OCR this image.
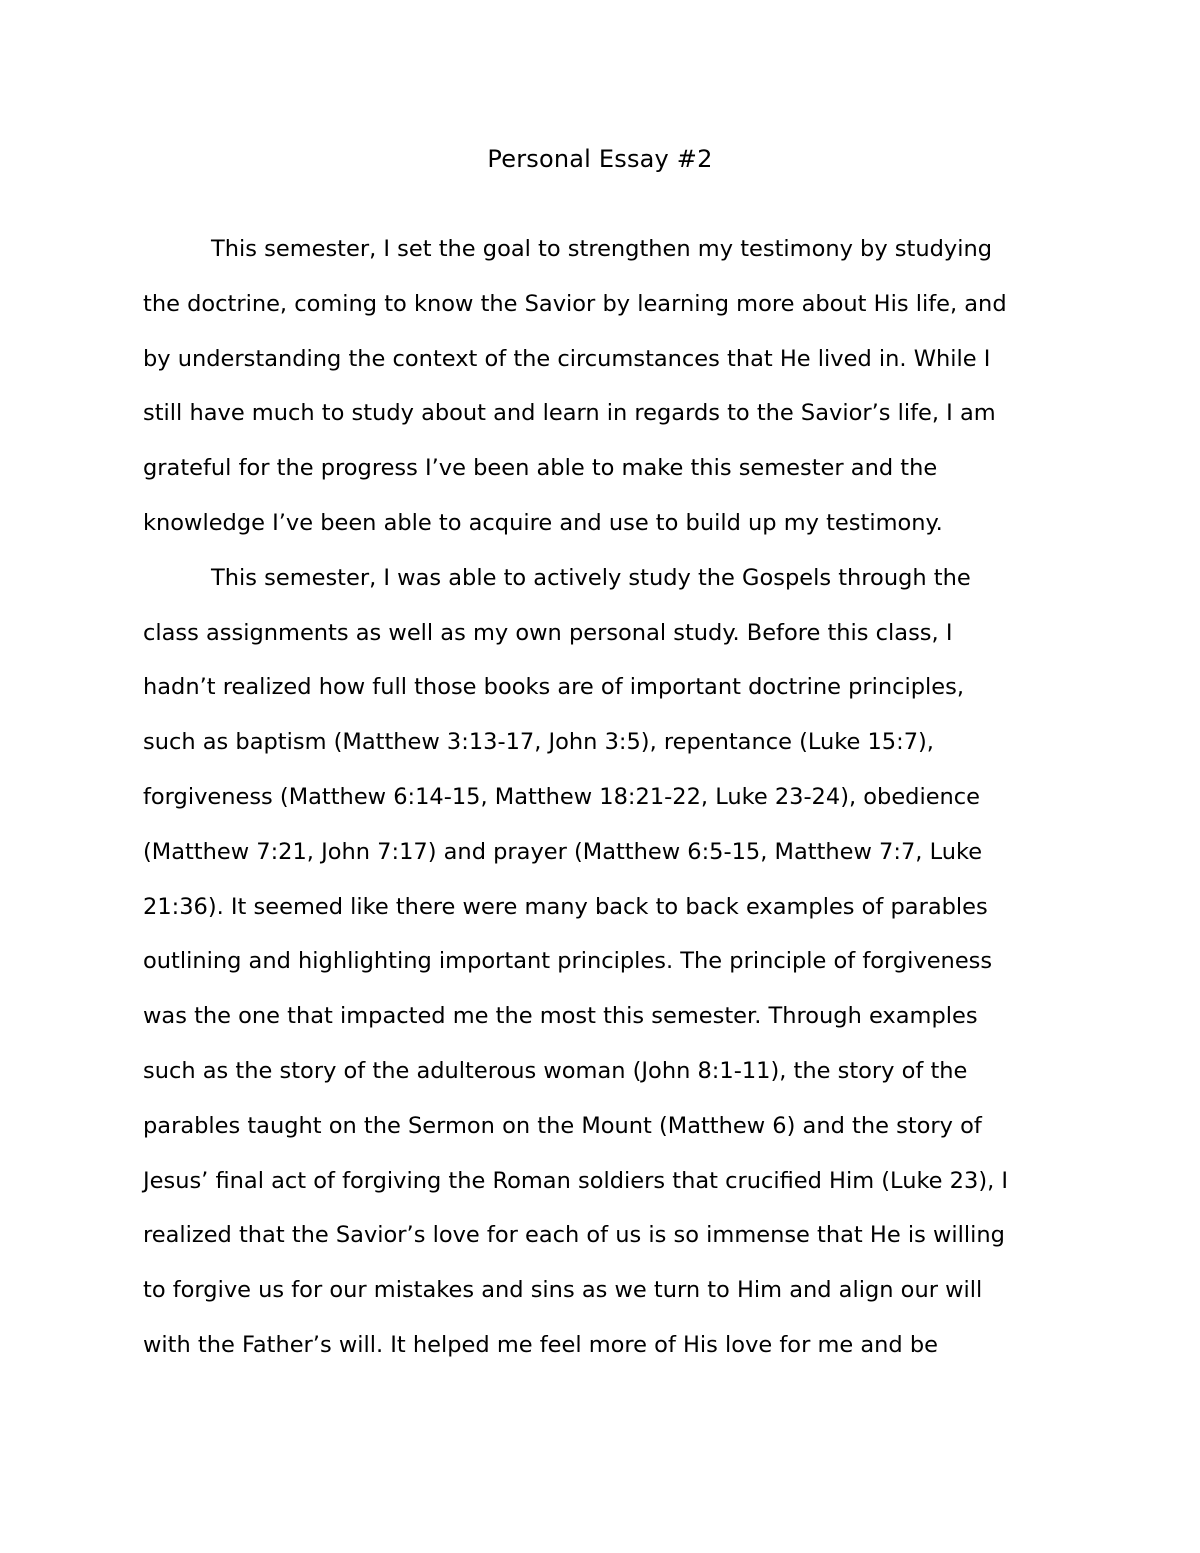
Personal Essay #2
This semester, I set the goal to strengthen my testimony by studying
the doctrine, coming to know the Savior by learning more about His life, and
by understanding the context of the circumstances that He lived in. While I
still have much to study about and learn in regards to the Savior’s life, I am
grateful for the progress I’ve been able to make this semester and the
knowledge I’ve been able to acquire and use to build up my testimony.
This semester, I was able to actively study the Gospels through the
class assignments as well as my own personal study. Before this class, I
hadn’t realized how full those books are of important doctrine principles,
such as baptism (Matthew 3:13-17, John 3:5), repentance (Luke 15:7),
forgiveness (Matthew 6:14-15, Matthew 18:21-22, Luke 23-24), obedience
(Matthew 7:21, John 7:17) and prayer (Matthew 6:5-15, Matthew 7:7, Luke
21:36). It seemed like there were many back to back examples of parables
outlining and highlighting important principles. The principle of forgiveness
was the one that impacted me the most this semester. Through examples
such as the story of the adulterous woman (John 8:1-11), the story of the
parables taught on the Sermon on the Mount (Matthew 6) and the story of
Jesus’ final act of forgiving the Roman soldiers that crucified Him (Luke 23), I
realized that the Savior’s love for each of us is so immense that He is willing
to forgive us for our mistakes and sins as we turn to Him and align our will
with the Father’s will. It helped me feel more of His love for me and be
